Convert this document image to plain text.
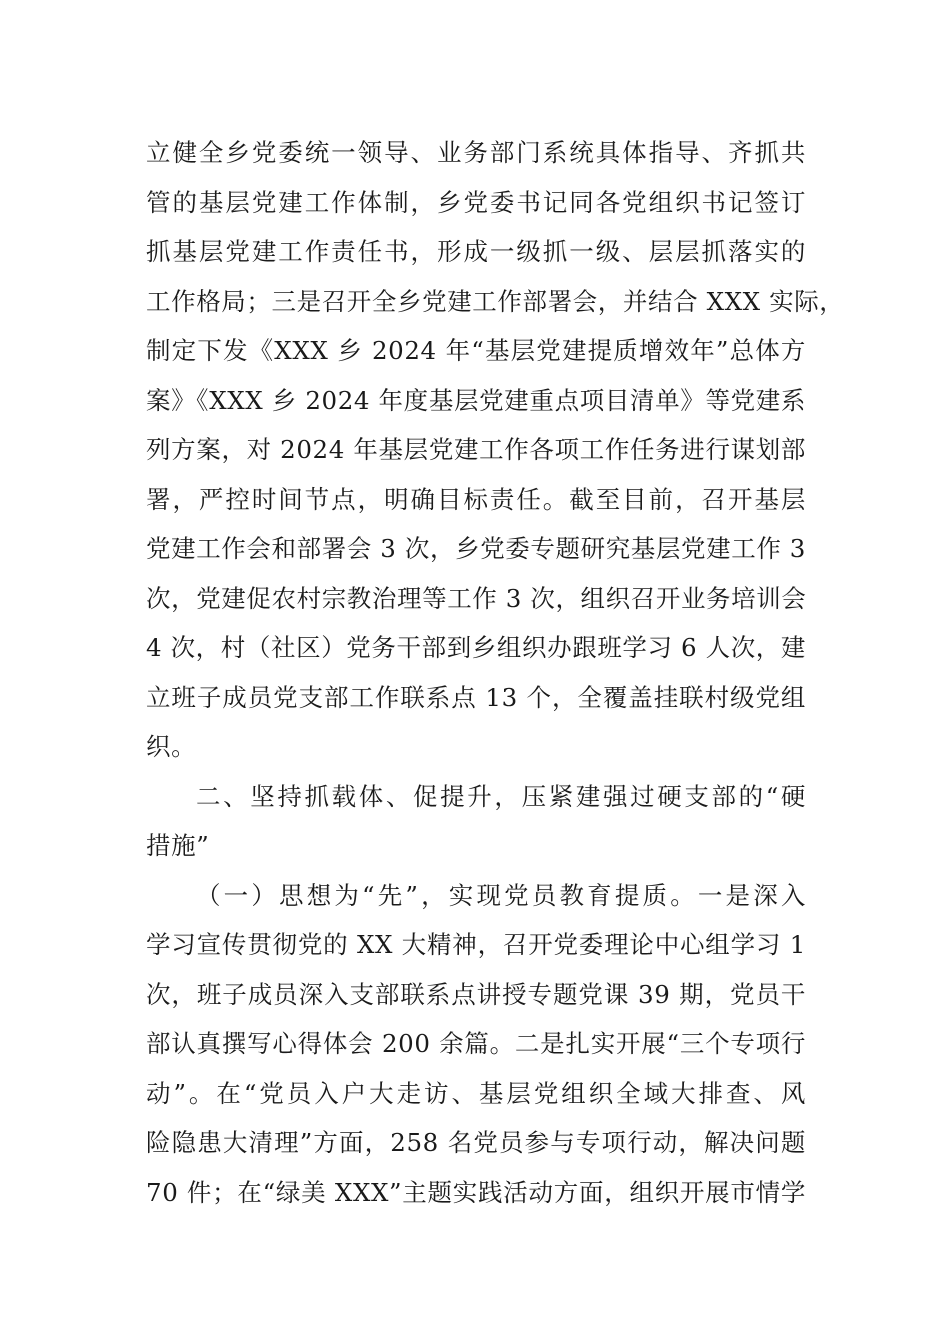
立健全乡党委统一领导、业务部门系统具体指导、齐抓共
管的基层党建工作体制，乡党委书记同各党组织书记签订
抓基层党建工作责任书，形成一级抓一级、层层抓落实的
工作格局；三是召开全乡党建工作部署会，并结合 XXX 实际，
制定下发《XXX 乡 2024 年“基层党建提质增效年”总体方
案》《XXX 乡 2024 年度基层党建重点项目清单》等党建系
列方案，对 2024 年基层党建工作各项工作任务进行谋划部
署，严控时间节点，明确目标责任。截至目前，召开基层
党建工作会和部署会 3 次，乡党委专题研究基层党建工作 3
次，党建促农村宗教治理等工作 3 次，组织召开业务培训会
4 次，村（社区）党务干部到乡组织办跟班学习 6 人次，建
立班子成员党支部工作联系点 13 个，全覆盖挂联村级党组
织。
二、坚持抓载体、促提升，压紧建强过硬支部的“硬
措施”
（一）思想为“先”，实现党员教育提质。一是深入
学习宣传贯彻党的 XX 大精神，召开党委理论中心组学习 1
次，班子成员深入支部联系点讲授专题党课 39 期，党员干
部认真撰写心得体会 200 余篇。二是扎实开展“三个专项行
动”。在“党员入户大走访、基层党组织全域大排查、风
险隐患大清理”方面，258 名党员参与专项行动，解决问题
70 件；在“绿美 XXX”主题实践活动方面，组织开展市情学
